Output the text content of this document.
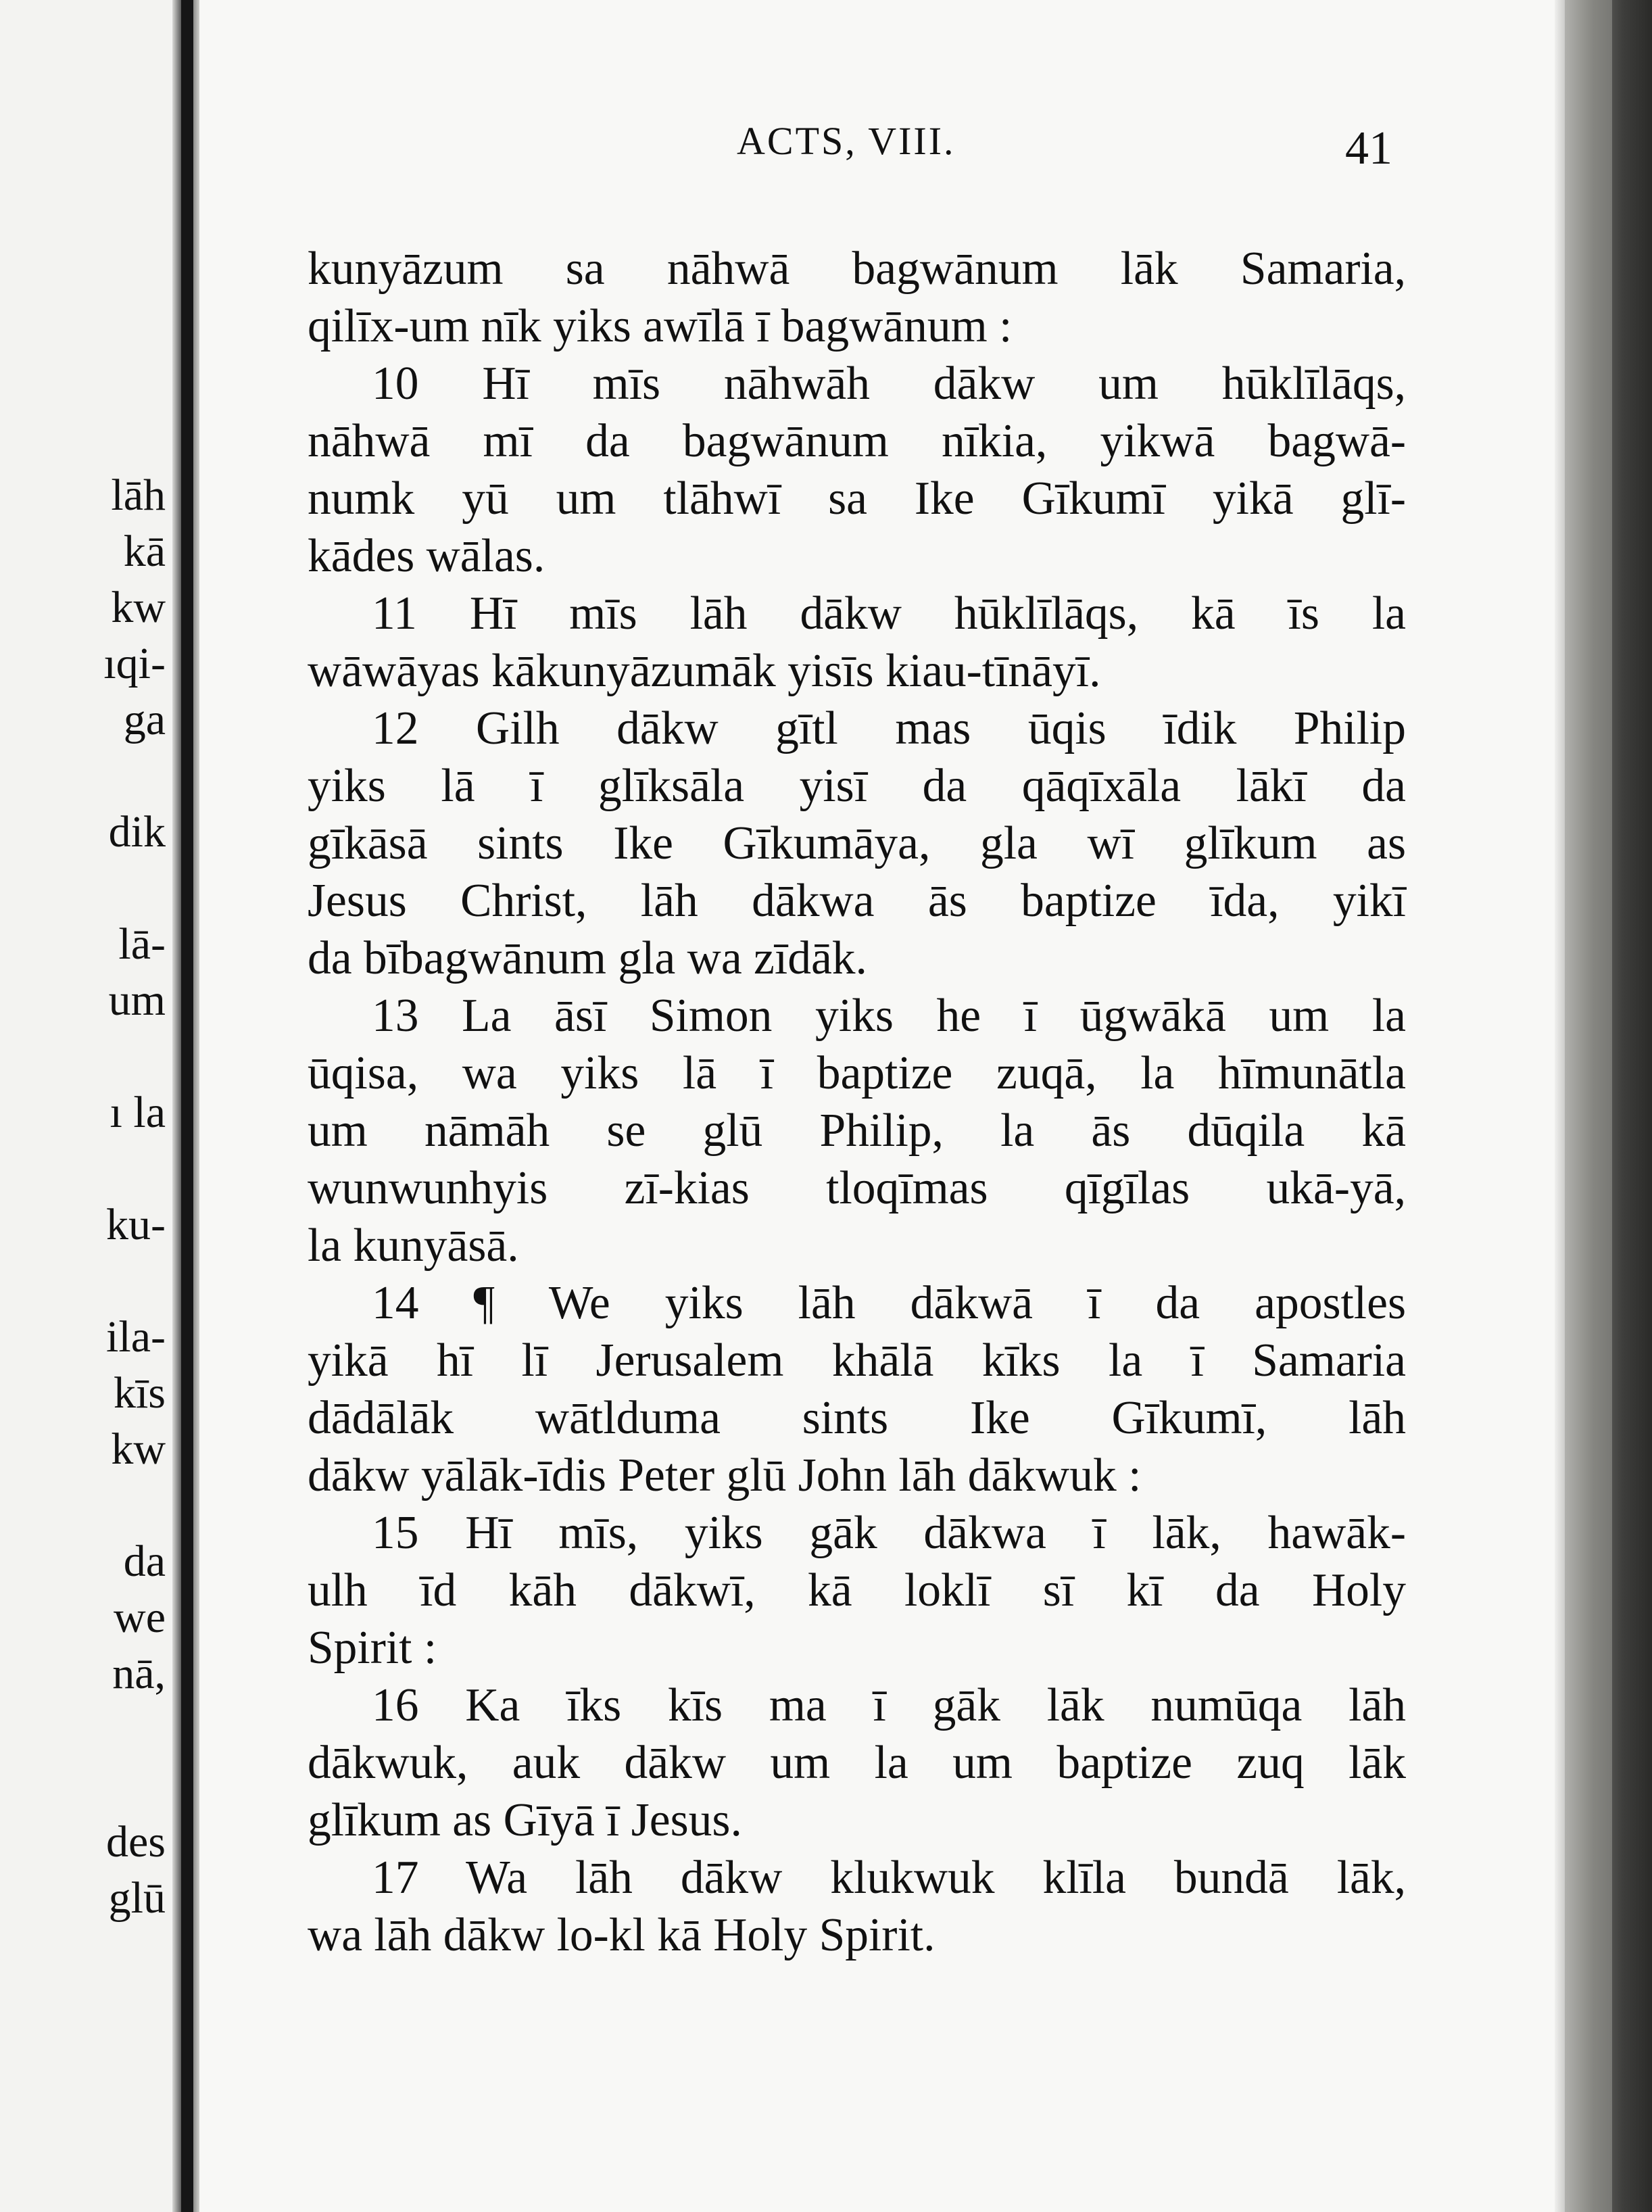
lāh
kā
kw
ıqi-
ga
dik
lā-
um
ı la
ku-
ila-
kīs
kw
da
we
nā,
des
glū
ACTS, VIII.	41
kunyāzum sa nāhwā bagwānum lāk Samaria,
qilīx-um nīk yiks awīlā ī bagwānum :
10 Hī mīs nāhwāh dākw um hūklīlāqs,
nāhwā mī da bagwānum nīkia, yikwā bagwā-
numk yū um tlāhwī sa Ike Gīkumī yikā glī-
kādes wālas.
11 Hī mīs lāh dākw hūklīlāqs, kā īs la
wāwāyas kākunyāzumāk yisīs kiau-tīnāyī.
12 Gilh dākw gītl mas ūqis īdik Philip
yiks lā ī glīksāla yisī da qāqīxāla lākī da
gīkāsā sints Ike Gīkumāya, gla wī glīkum as
Jesus Christ, lāh dākwa ās baptize īda, yikī
da bībagwānum gla wa zīdāk.
13 La āsī Simon yiks he ī ūgwākā um la
ūqisa, wa yiks lā ī baptize zuqā, la hīmunātla
um nāmāh se glū Philip, la ās dūqila kā
wunwunhyis zī-kias tloqīmas qīgīlas ukā-yā,
la kunyāsā.
14 ¶ We yiks lāh dākwā ī da apostles
yikā hī lī Jerusalem khālā kīks la ī Samaria
dādālāk wātlduma sints Ike Gīkumī, lāh
dākw yālāk-īdis Peter glū John lāh dākwuk :
15 Hī mīs, yiks gāk dākwa ī lāk, hawāk-
ulh īd kāh dākwī, kā loklī sī kī da Holy
Spirit :
16 Ka īks kīs ma ī gāk lāk numūqa lāh
dākwuk, auk dākw um la um baptize zuq lāk
glīkum as Gīyā ī Jesus.
17 Wa lāh dākw klukwuk klīla bundā lāk,
wa lāh dākw lo-kl kā Holy Spirit.
